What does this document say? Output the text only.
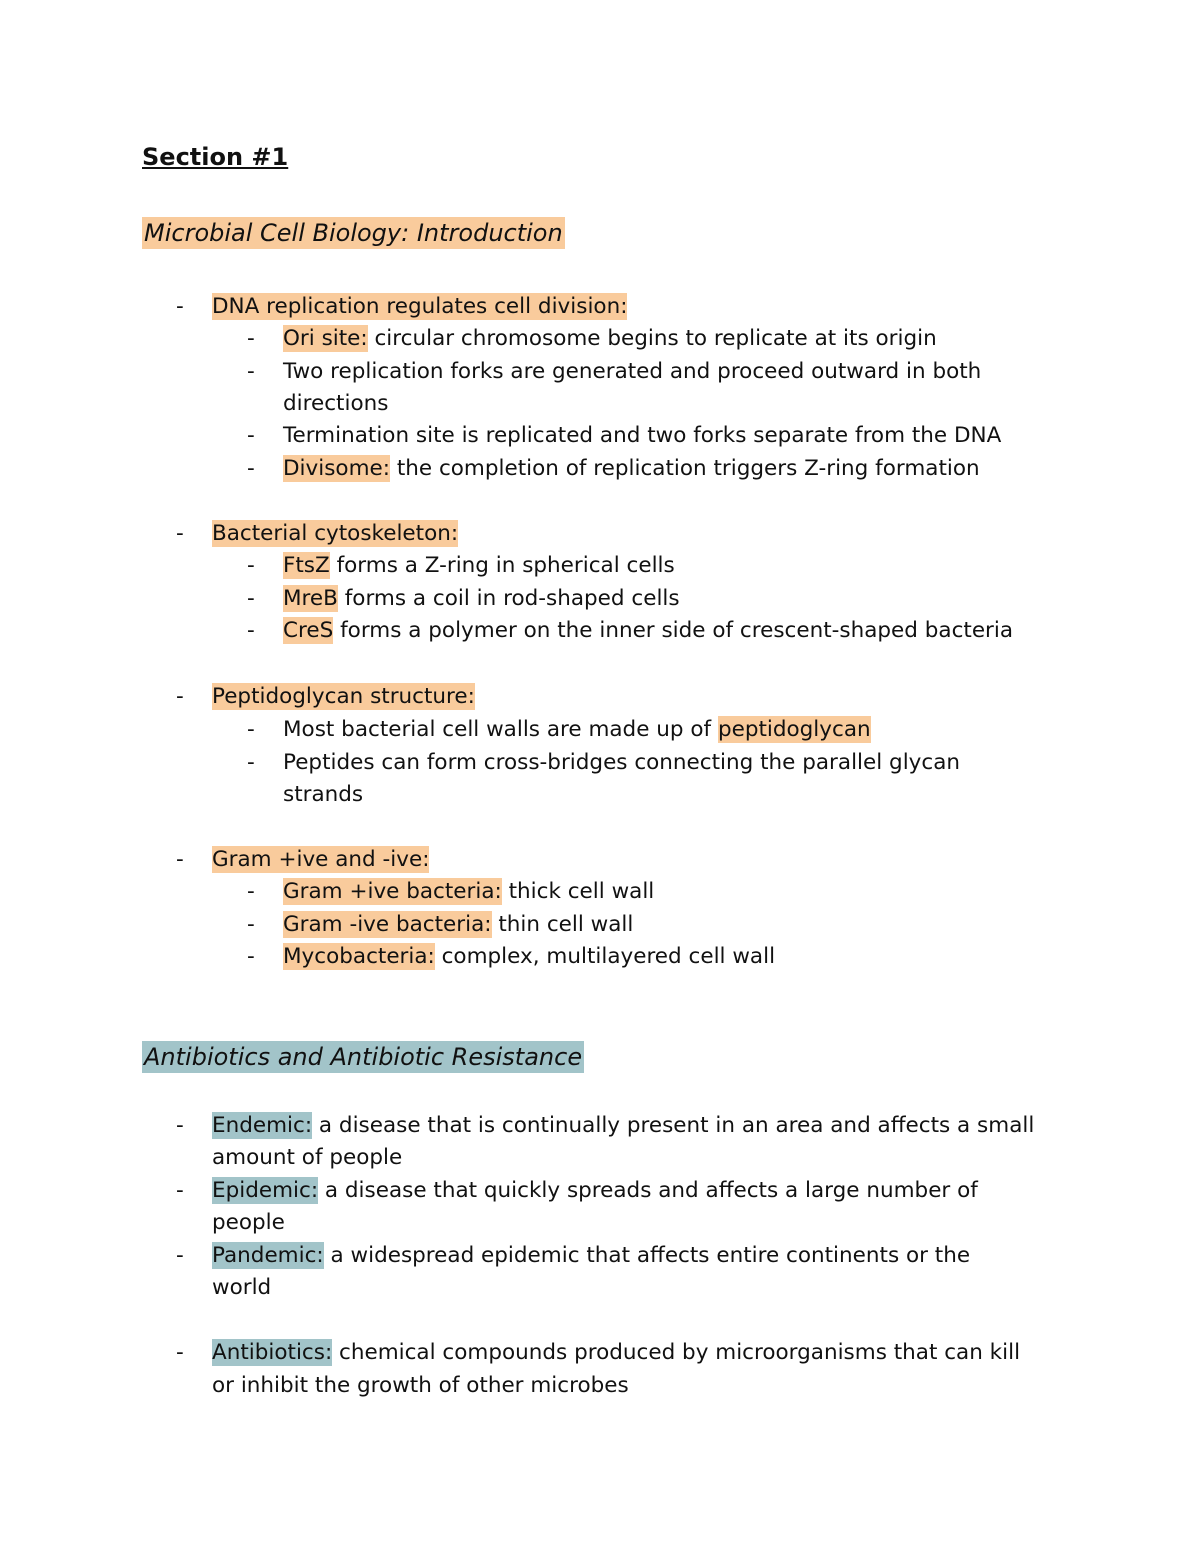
Section #1
Microbial Cell Biology: Introduction
- DNA replication regulates cell division:
- Ori site: circular chromosome begins to replicate at its origin
- Two replication forks are generated and proceed outward in both
directions
- Termination site is replicated and two forks separate from the DNA
- Divisome: the completion of replication triggers Z-ring formation
- Bacterial cytoskeleton:
- FtsZ forms a Z-ring in spherical cells
- MreB forms a coil in rod-shaped cells
- CreS forms a polymer on the inner side of crescent-shaped bacteria
- Peptidoglycan structure:
- Most bacterial cell walls are made up of peptidoglycan
- Peptides can form cross-bridges connecting the parallel glycan
strands
- Gram +ive and -ive:
- Gram +ive bacteria: thick cell wall
- Gram -ive bacteria: thin cell wall
- Mycobacteria: complex, multilayered cell wall
Antibiotics and Antibiotic Resistance
- Endemic: a disease that is continually present in an area and affects a small
amount of people
- Epidemic: a disease that quickly spreads and affects a large number of
people
- Pandemic: a widespread epidemic that affects entire continents or the
world
- Antibiotics: chemical compounds produced by microorganisms that can kill
or inhibit the growth of other microbes
